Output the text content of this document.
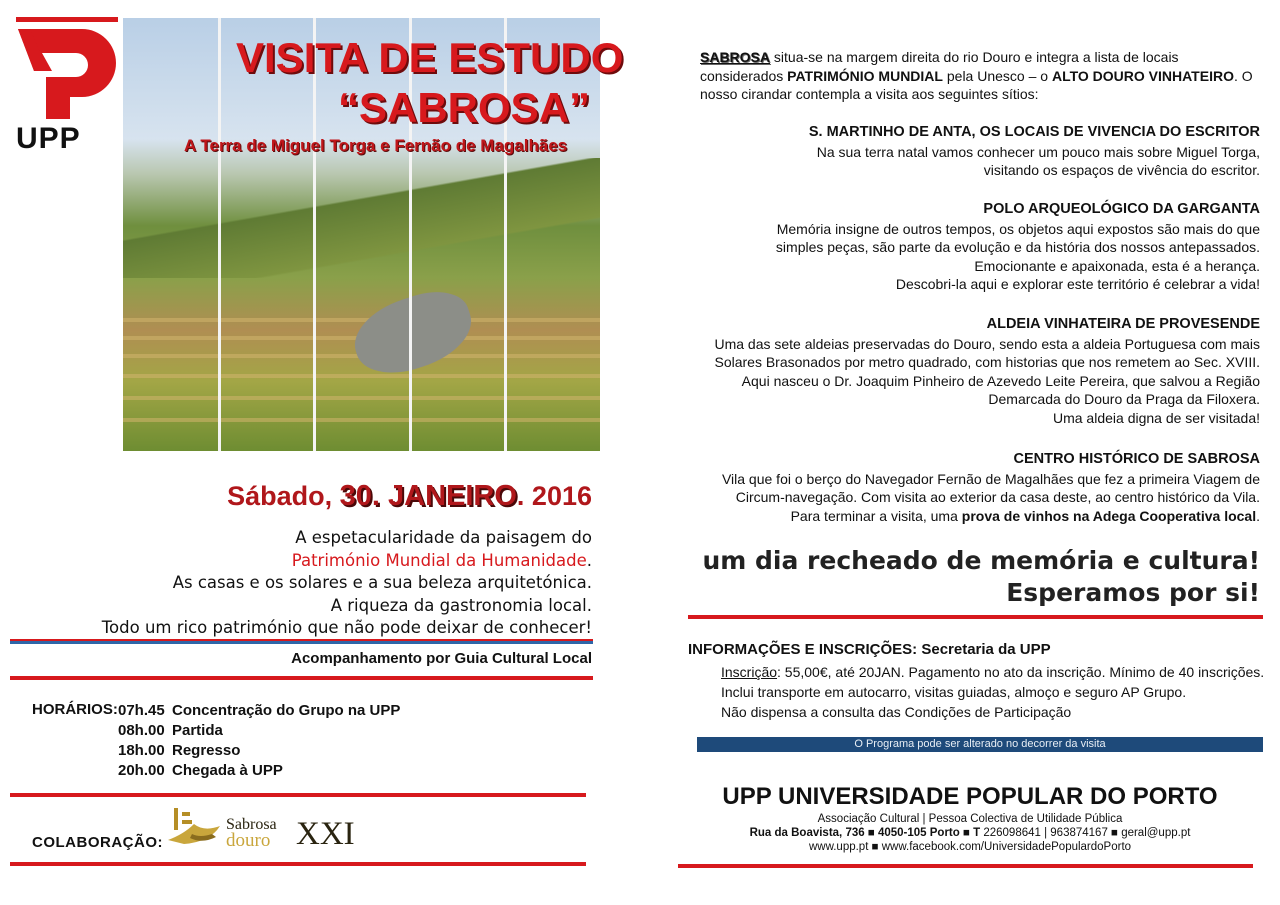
UPP
VISITA DE ESTUDO
“SABROSA”
A Terra de Miguel Torga e Fernão de Magalhães
Sábado, 30. JANEIRO. 2016
A espetacularidade da paisagem do
Património Mundial da Humanidade.
As casas e os solares e a sua beleza arquitetónica.
A riqueza da gastronomia local.
Todo um rico património que não pode deixar de conhecer!
Acompanhamento por Guia Cultural Local
HORÁRIOS: 07h.45 Concentração do Grupo na UPP
08h.00 Partida
18h.00 Regresso
20h.00 Chegada à UPP
COLABORAÇÃO:
Sabrosa
douro XXI
SABROSA situa-se na margem direita do rio Douro e integra a lista de locais considerados PATRIMÓNIO MUNDIAL pela Unesco – o ALTO DOURO VINHATEIRO. O nosso cirandar contempla a visita aos seguintes sítios:
S. MARTINHO DE ANTA, OS LOCAIS DE VIVENCIA DO ESCRITOR
Na sua terra natal vamos conhecer um pouco mais sobre Miguel Torga,
visitando os espaços de vivência do escritor.
POLO ARQUEOLÓGICO DA GARGANTA
Memória insigne de outros tempos, os objetos aqui expostos são mais do que
simples peças, são parte da evolução e da história dos nossos antepassados.
Emocionante e apaixonada, esta é a herança.
Descobri-la aqui e explorar este território é celebrar a vida!
ALDEIA VINHATEIRA DE PROVESENDE
Uma das sete aldeias preservadas do Douro, sendo esta a aldeia Portuguesa com mais
Solares Brasonados por metro quadrado, com historias que nos remetem ao Sec. XVIII.
Aqui nasceu o Dr. Joaquim Pinheiro de Azevedo Leite Pereira, que salvou a Região
Demarcada do Douro da Praga da Filoxera.
Uma aldeia digna de ser visitada!
CENTRO HISTÓRICO DE SABROSA
Vila que foi o berço do Navegador Fernão de Magalhães que fez a primeira Viagem de
Circum-navegação. Com visita ao exterior da casa deste, ao centro histórico da Vila.
Para terminar a visita, uma prova de vinhos na Adega Cooperativa local.
um dia recheado de memória e cultura!
Esperamos por si!
INFORMAÇÕES E INSCRIÇÕES: Secretaria da UPP
Inscrição: 55,00€, até 20JAN. Pagamento no ato da inscrição. Mínimo de 40 inscrições.
Inclui transporte em autocarro, visitas guiadas, almoço e seguro AP Grupo.
Não dispensa a consulta das Condições de Participação
O Programa pode ser alterado no decorrer da visita
UPP UNIVERSIDADE POPULAR DO PORTO
Associação Cultural | Pessoa Colectiva de Utilidade Pública
Rua da Boavista, 736 ■ 4050-105 Porto ■ T 226098641 | 963874167 ■ geral@upp.pt
www.upp.pt ■ www.facebook.com/UniversidadePopulardoPorto
